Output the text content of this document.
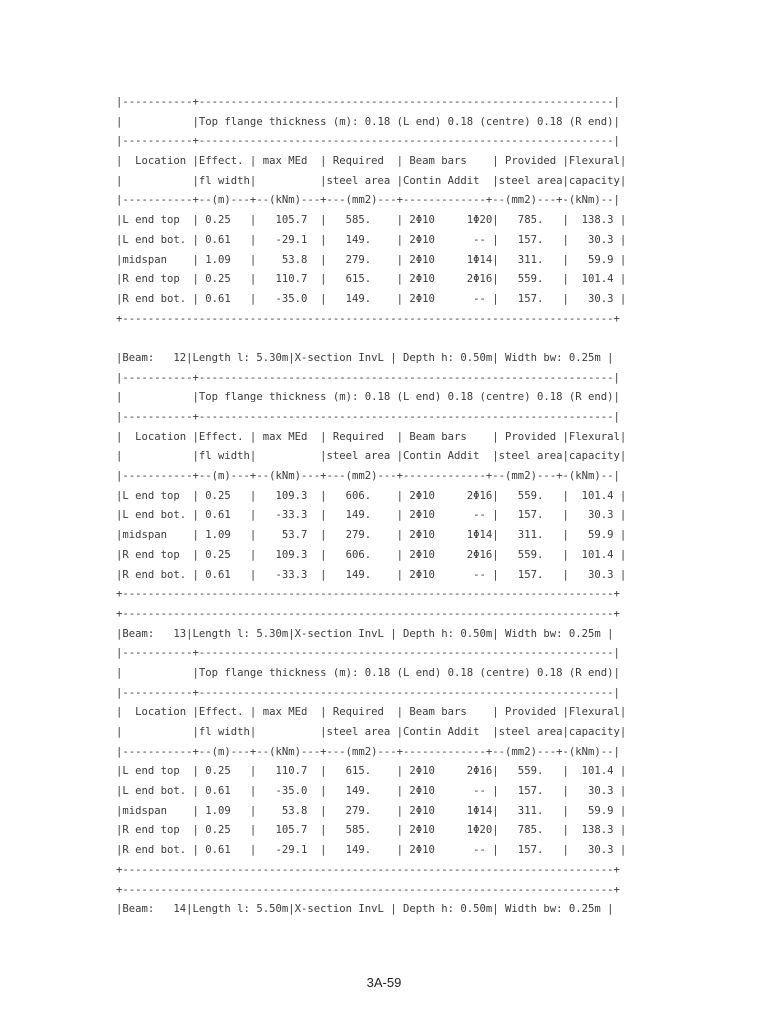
|-----------+-----------------------------------------------------------------|
|           |Top flange thickness (m): 0.18 (L end) 0.18 (centre) 0.18 (R end)|
|-----------+-----------------------------------------------------------------|
|  Location |Effect. | max MEd  | Required  | Beam bars    | Provided |Flexural|
|           |fl width|          |steel area |Contin Addit  |steel area|capacity|
|-----------+--(m)---+--(kNm)---+---(mm2)---+-------------+--(mm2)---+-(kNm)--|
|L end top  | 0.25   |   105.7  |   585.    | 2Φ10     1Φ20|   785.   |  138.3 |
|L end bot. | 0.61   |   -29.1  |   149.    | 2Φ10      -- |   157.   |   30.3 |
|midspan    | 1.09   |    53.8  |   279.    | 2Φ10     1Φ14|   311.   |   59.9 |
|R end top  | 0.25   |   110.7  |   615.    | 2Φ10     2Φ16|   559.   |  101.4 |
|R end bot. | 0.61   |   -35.0  |   149.    | 2Φ10      -- |   157.   |   30.3 |
+-----------------------------------------------------------------------------+
|Beam:   12|Length l: 5.30m|X-section InvL | Depth h: 0.50m| Width bw: 0.25m |
|-----------+-----------------------------------------------------------------|
|           |Top flange thickness (m): 0.18 (L end) 0.18 (centre) 0.18 (R end)|
|-----------+-----------------------------------------------------------------|
|  Location |Effect. | max MEd  | Required  | Beam bars    | Provided |Flexural|
|           |fl width|          |steel area |Contin Addit  |steel area|capacity|
|-----------+--(m)---+--(kNm)---+---(mm2)---+-------------+--(mm2)---+-(kNm)--|
|L end top  | 0.25   |   109.3  |   606.    | 2Φ10     2Φ16|   559.   |  101.4 |
|L end bot. | 0.61   |   -33.3  |   149.    | 2Φ10      -- |   157.   |   30.3 |
|midspan    | 1.09   |    53.7  |   279.    | 2Φ10     1Φ14|   311.   |   59.9 |
|R end top  | 0.25   |   109.3  |   606.    | 2Φ10     2Φ16|   559.   |  101.4 |
|R end bot. | 0.61   |   -33.3  |   149.    | 2Φ10      -- |   157.   |   30.3 |
+-----------------------------------------------------------------------------+
+-----------------------------------------------------------------------------+
|Beam:   13|Length l: 5.30m|X-section InvL | Depth h: 0.50m| Width bw: 0.25m |
|-----------+-----------------------------------------------------------------|
|           |Top flange thickness (m): 0.18 (L end) 0.18 (centre) 0.18 (R end)|
|-----------+-----------------------------------------------------------------|
|  Location |Effect. | max MEd  | Required  | Beam bars    | Provided |Flexural|
|           |fl width|          |steel area |Contin Addit  |steel area|capacity|
|-----------+--(m)---+--(kNm)---+---(mm2)---+-------------+--(mm2)---+-(kNm)--|
|L end top  | 0.25   |   110.7  |   615.    | 2Φ10     2Φ16|   559.   |  101.4 |
|L end bot. | 0.61   |   -35.0  |   149.    | 2Φ10      -- |   157.   |   30.3 |
|midspan    | 1.09   |    53.8  |   279.    | 2Φ10     1Φ14|   311.   |   59.9 |
|R end top  | 0.25   |   105.7  |   585.    | 2Φ10     1Φ20|   785.   |  138.3 |
|R end bot. | 0.61   |   -29.1  |   149.    | 2Φ10      -- |   157.   |   30.3 |
+-----------------------------------------------------------------------------+
+-----------------------------------------------------------------------------+
|Beam:   14|Length l: 5.50m|X-section InvL | Depth h: 0.50m| Width bw: 0.25m |
3A-59
